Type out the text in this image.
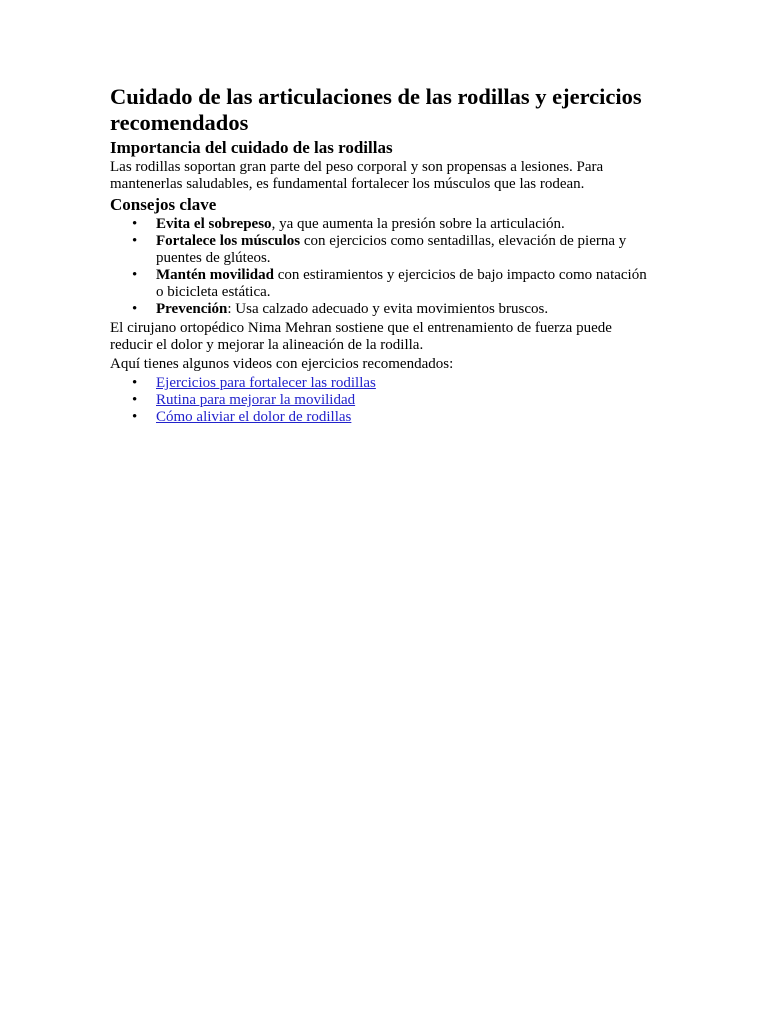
Cuidado de las articulaciones de las rodillas y ejercicios recomendados
Importancia del cuidado de las rodillas

Las rodillas soportan gran parte del peso corporal y son propensas a lesiones. Para mantenerlas saludables, es fundamental fortalecer los músculos que las rodean.

Consejos clave
• Evita el sobrepeso, ya que aumenta la presión sobre la articulación.
• Fortalece los músculos con ejercicios como sentadillas, elevación de pierna y puentes de glúteos.
• Mantén movilidad con estiramientos y ejercicios de bajo impacto como natación o bicicleta estática.
• Prevención: Usa calzado adecuado y evita movimientos bruscos.

El cirujano ortopédico Nima Mehran sostiene que el entrenamiento de fuerza puede reducir el dolor y mejorar la alineación de la rodilla.

Aquí tienes algunos videos con ejercicios recomendados:

• Ejercicios para fortalecer las rodillas
• Rutina para mejorar la movilidad
• Cómo aliviar el dolor de rodillas
